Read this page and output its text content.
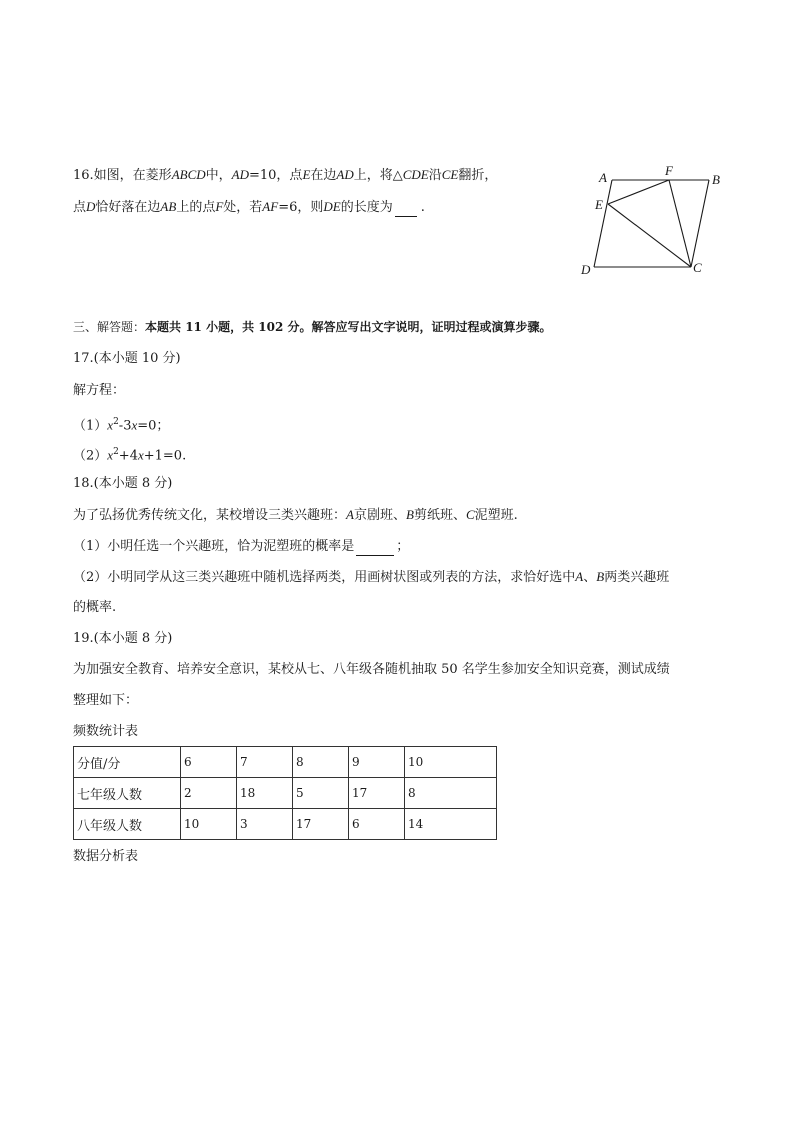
16.如图，在菱形ABCD中，AD=10，点E在边AD上，将△CDE沿CE翻折，
点D恰好落在边AB上的点F处，若AF=6，则DE的长度为 .
A	F
B
E
D	C
三、解答题：本题共 11 小题，共 102 分。解答应写出文字说明，证明过程或演算步骤。
17.(本小题 10 分)
解方程：
$(1)x^2-3x=0$；
$(2)x^2+4x+1=0$.
18.(本小题 8 分)
为了弘扬优秀传统文化，某校增设三类兴趣班：A京剧班、B剪纸班、C泥塑班.
（1）小明任选一个兴趣班，恰为泥塑班的概率是	；
（2）小明同学从这三类兴趣班中随机选择两类，用画树状图或列表的方法，求恰好选中A、B两类兴趣班
的概率.
19.(本小题 8 分)
为加强安全教育、培养安全意识，某校从七、八年级各随机抽取 50 名学生参加安全知识竞赛，测试成绩
整理如下：
频数统计表
分值/分	6	7	8	9	10
七年级人数	2	18	5	17	8
八年级人数	10	3	17	6	14
数据分析表
